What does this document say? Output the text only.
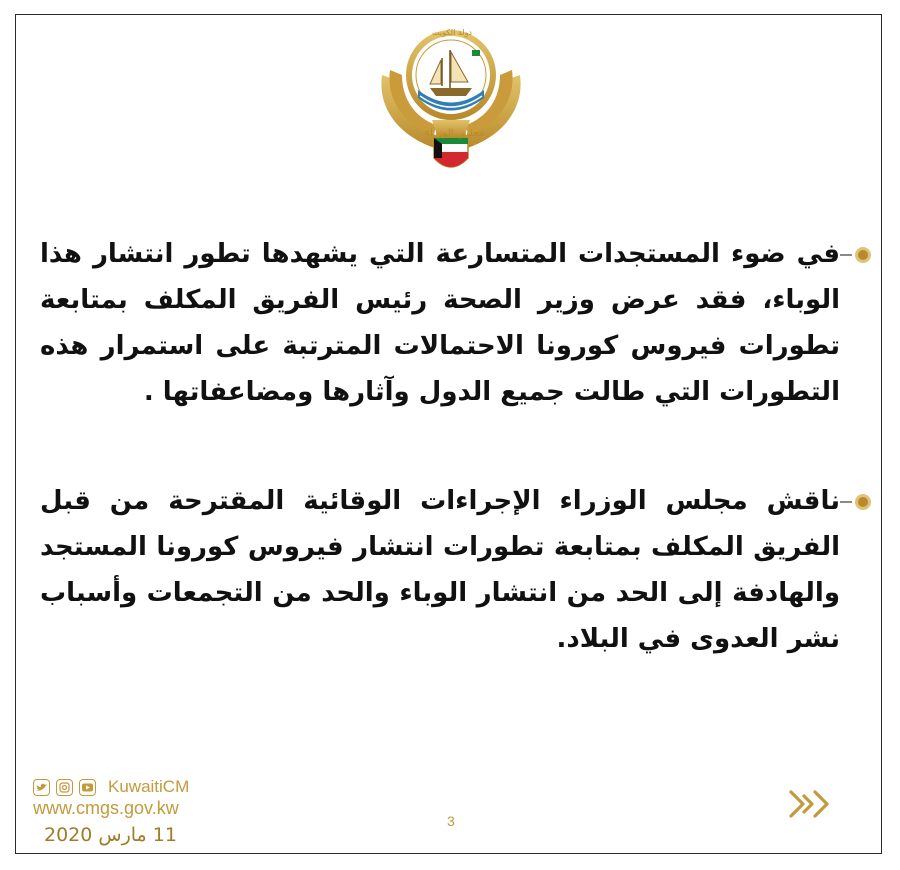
دولة الكويت
مجلس الوزراء
في ضوء المستجدات المتسارعة التي يشهدها تطور انتشار هذا الوباء، فقد عرض وزير الصحة رئيس الفريق المكلف بمتابعة تطورات فيروس كورونا الاحتمالات المترتبة على استمرار هذه التطورات التي طالت جميع الدول وآثارها ومضاعفاتها .
ناقش مجلس الوزراء الإجراءات الوقائية المقترحة من قبل الفريق المكلف بمتابعة تطورات انتشار فيروس كورونا المستجد والهادفة إلى الحد من انتشار الوباء والحد من التجمعات وأسباب نشر العدوى في البلاد.
KuwaitiCM
www.cmgs.gov.kw
11 مارس 2020
3
